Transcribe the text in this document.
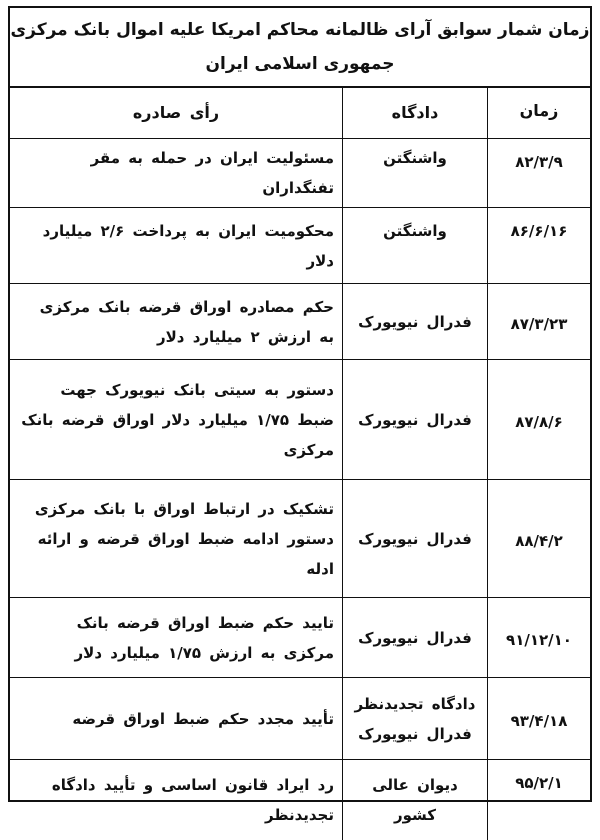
زمان شمار سوابق آرای ظالمانه محاکم امریکا علیه اموال بانک مرکزی
جمهوری اسلامی ایران
زمان	دادگاه	رأی صادره
۸۲/۳/۹	واشنگتن	مسئولیت ایران در حمله به مقر تفنگداران
۸۶/۶/۱۶	واشنگتن	محکومیت ایران به پرداخت ۲/۶ میلیارد دلار
۸۷/۳/۲۳	فدرال نیویورک	حکم مصادره اوراق قرضه بانک مرکزی به ارزش ۲ میلیارد دلار
۸۷/۸/۶	فدرال نیویورک	دستور به سیتی بانک نیویورک جهت ضبط ۱/۷۵ میلیارد دلار اوراق قرضه بانک مرکزی
۸۸/۴/۲	فدرال نیویورک	تشکیک در ارتباط اوراق با بانک مرکزی دستور ادامه ضبط اوراق قرضه و ارائه ادله
۹۱/۱۲/۱۰	فدرال نیویورک	تایید حکم ضبط اوراق قرضه بانک مرکزی به ارزش ۱/۷۵ میلیارد دلار
۹۳/۴/۱۸	دادگاه تجدیدنظر فدرال نیویورک	تأیید مجدد حکم ضبط اوراق قرضه
۹۵/۲/۱	دیوان عالی کشور	رد ایراد قانون اساسی و تأیید دادگاه تجدیدنظر
